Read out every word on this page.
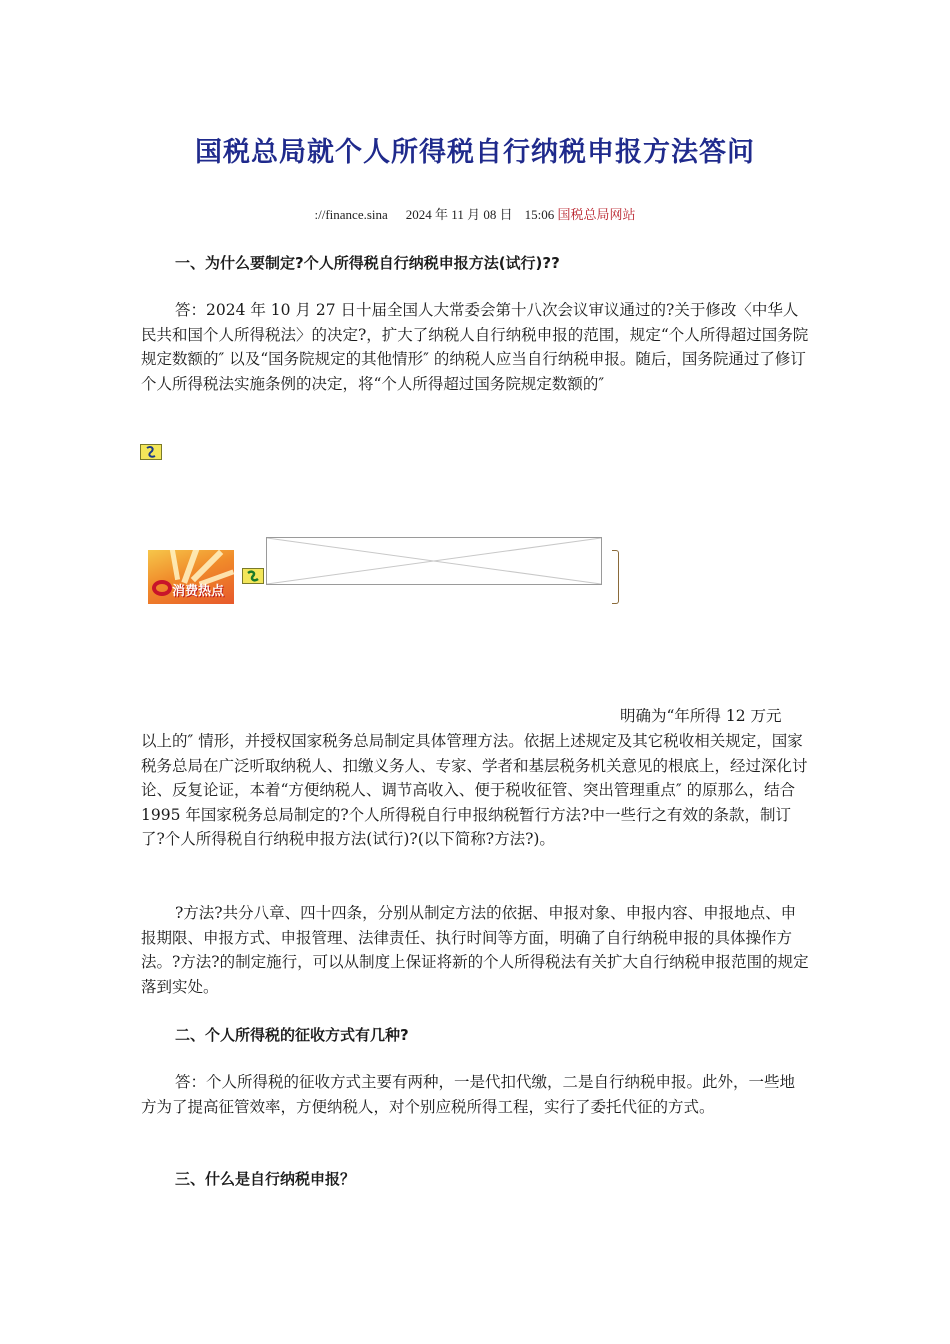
国税总局就个人所得税自行纳税申报方法答问
://finance.sina 2024 年 11 月 08 日 15:06 国税总局网站
一、为什么要制定?个人所得税自行纳税申报方法(试行)??

答：2024 年 10 月 27 日十届全国人大常委会第十八次会议审议通过的?关于修改〈中华人民共和国个人所得税法〉的决定?，扩大了纳税人自行纳税申报的范围，规定“个人所得超过国务院规定数额的″ 以及“国务院规定的其他情形″ 的纳税人应当自行纳税申报。随后，国务院通过了修订个人所得税法实施条例的决定，将“个人所得超过国务院规定数额的″

消费热点
明确为“年所得 12 万元

以上的″ 情形，并授权国家税务总局制定具体管理方法。依据上述规定及其它税收相关规定，国家税务总局在广泛听取纳税人、扣缴义务人、专家、学者和基层税务机关意见的根底上，经过深化讨论、反复论证，本着“方便纳税人、调节高收入、便于税收征管、突出管理重点″ 的原那么，结合 1995 年国家税务总局制定的?个人所得税自行申报纳税暂行方法?中一些行之有效的条款，制订了?个人所得税自行纳税申报方法(试行)?(以下简称?方法?)。

?方法?共分八章、四十四条，分别从制定方法的依据、申报对象、申报内容、申报地点、申报期限、申报方式、申报管理、法律责任、执行时间等方面，明确了自行纳税申报的具体操作方法。?方法?的制定施行，可以从制度上保证将新的个人所得税法有关扩大自行纳税申报范围的规定落到实处。

二、个人所得税的征收方式有几种?

答：个人所得税的征收方式主要有两种，一是代扣代缴，二是自行纳税申报。此外，一些地方为了提高征管效率，方便纳税人，对个别应税所得工程，实行了委托代征的方式。

三、什么是自行纳税申报？
